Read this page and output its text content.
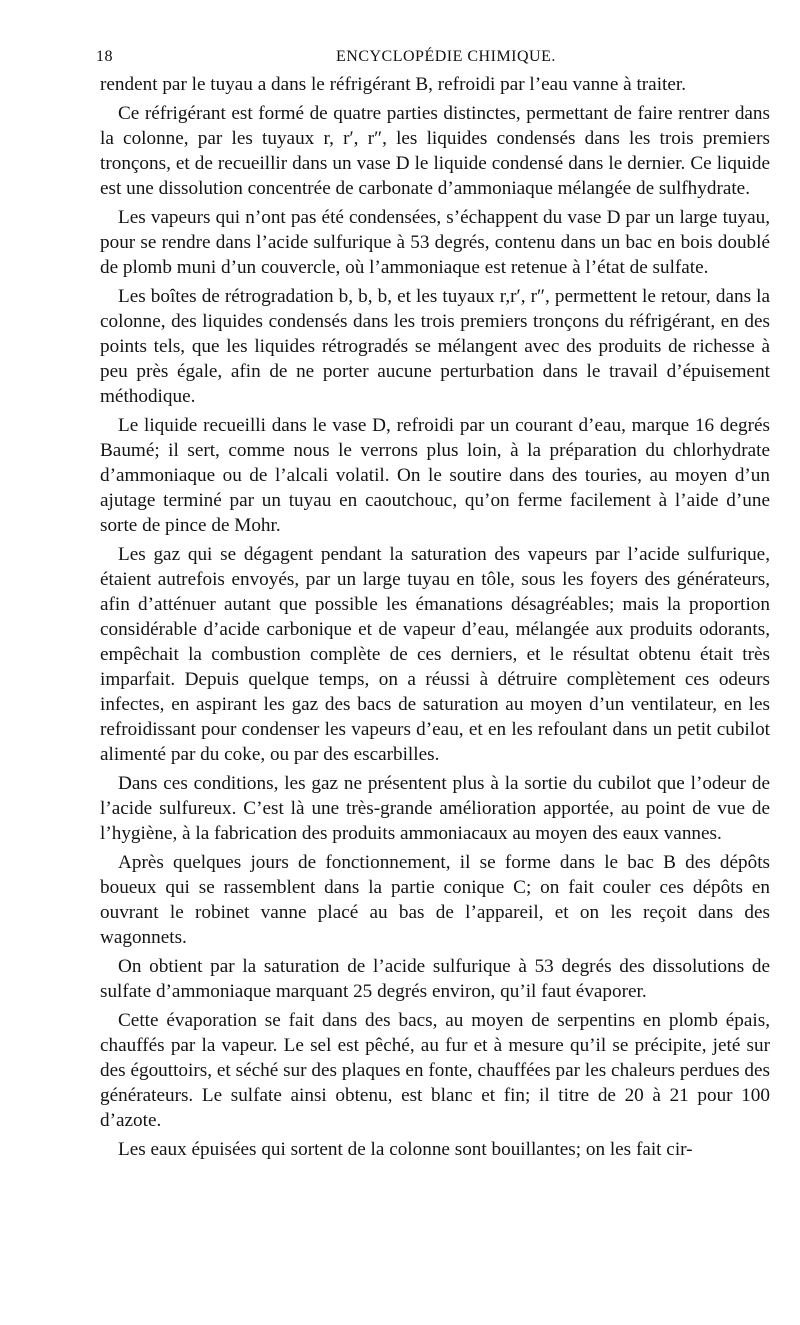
18	ENCYCLOPÉDIE CHIMIQUE.

rendent par le tuyau a dans le réfrigérant B, refroidi par l’eau vanne à traiter.

Ce réfrigérant est formé de quatre parties distinctes, permettant de faire rentrer dans la colonne, par les tuyaux r, r′, r″, les liquides condensés dans les trois premiers tronçons, et de recueillir dans un vase D le liquide condensé dans le dernier. Ce liquide est une dissolution concentrée de carbonate d’ammoniaque mélangée de sulfhydrate.

Les vapeurs qui n’ont pas été condensées, s’échappent du vase D par un large tuyau, pour se rendre dans l’acide sulfurique à 53 degrés, contenu dans un bac en bois doublé de plomb muni d’un couvercle, où l’ammoniaque est retenue à l’état de sulfate.

Les boîtes de rétrogradation b, b, b, et les tuyaux r,r′, r″, permettent le retour, dans la colonne, des liquides condensés dans les trois premiers tronçons du réfrigérant, en des points tels, que les liquides rétrogradés se mélangent avec des produits de richesse à peu près égale, afin de ne porter aucune perturbation dans le travail d’épuisement méthodique.

Le liquide recueilli dans le vase D, refroidi par un courant d’eau, marque 16 degrés Baumé; il sert, comme nous le verrons plus loin, à la préparation du chlorhydrate d’ammoniaque ou de l’alcali volatil. On le soutire dans des touries, au moyen d’un ajutage terminé par un tuyau en caoutchouc, qu’on ferme facilement à l’aide d’une sorte de pince de Mohr.

Les gaz qui se dégagent pendant la saturation des vapeurs par l’acide sulfurique, étaient autrefois envoyés, par un large tuyau en tôle, sous les foyers des générateurs, afin d’atténuer autant que possible les émanations désagréables; mais la proportion considérable d’acide carbonique et de vapeur d’eau, mélangée aux produits odorants, empêchait la combustion complète de ces derniers, et le résultat obtenu était très imparfait. Depuis quelque temps, on a réussi à détruire complètement ces odeurs infectes, en aspirant les gaz des bacs de saturation au moyen d’un ventilateur, en les refroidissant pour condenser les vapeurs d’eau, et en les refoulant dans un petit cubilot alimenté par du coke, ou par des escarbilles.

Dans ces conditions, les gaz ne présentent plus à la sortie du cubilot que l’odeur de l’acide sulfureux. C’est là une très-grande amélioration apportée, au point de vue de l’hygiène, à la fabrication des produits ammoniacaux au moyen des eaux vannes.

Après quelques jours de fonctionnement, il se forme dans le bac B des dépôts boueux qui se rassemblent dans la partie conique C; on fait couler ces dépôts en ouvrant le robinet vanne placé au bas de l’appareil, et on les reçoit dans des wagonnets.

On obtient par la saturation de l’acide sulfurique à 53 degrés des dissolutions de sulfate d’ammoniaque marquant 25 degrés environ, qu’il faut évaporer.

Cette évaporation se fait dans des bacs, au moyen de serpentins en plomb épais, chauffés par la vapeur. Le sel est pêché, au fur et à mesure qu’il se précipite, jeté sur des égouttoirs, et séché sur des plaques en fonte, chauffées par les chaleurs perdues des générateurs. Le sulfate ainsi obtenu, est blanc et fin; il titre de 20 à 21 pour 100 d’azote.

Les eaux épuisées qui sortent de la colonne sont bouillantes; on les fait cir-
